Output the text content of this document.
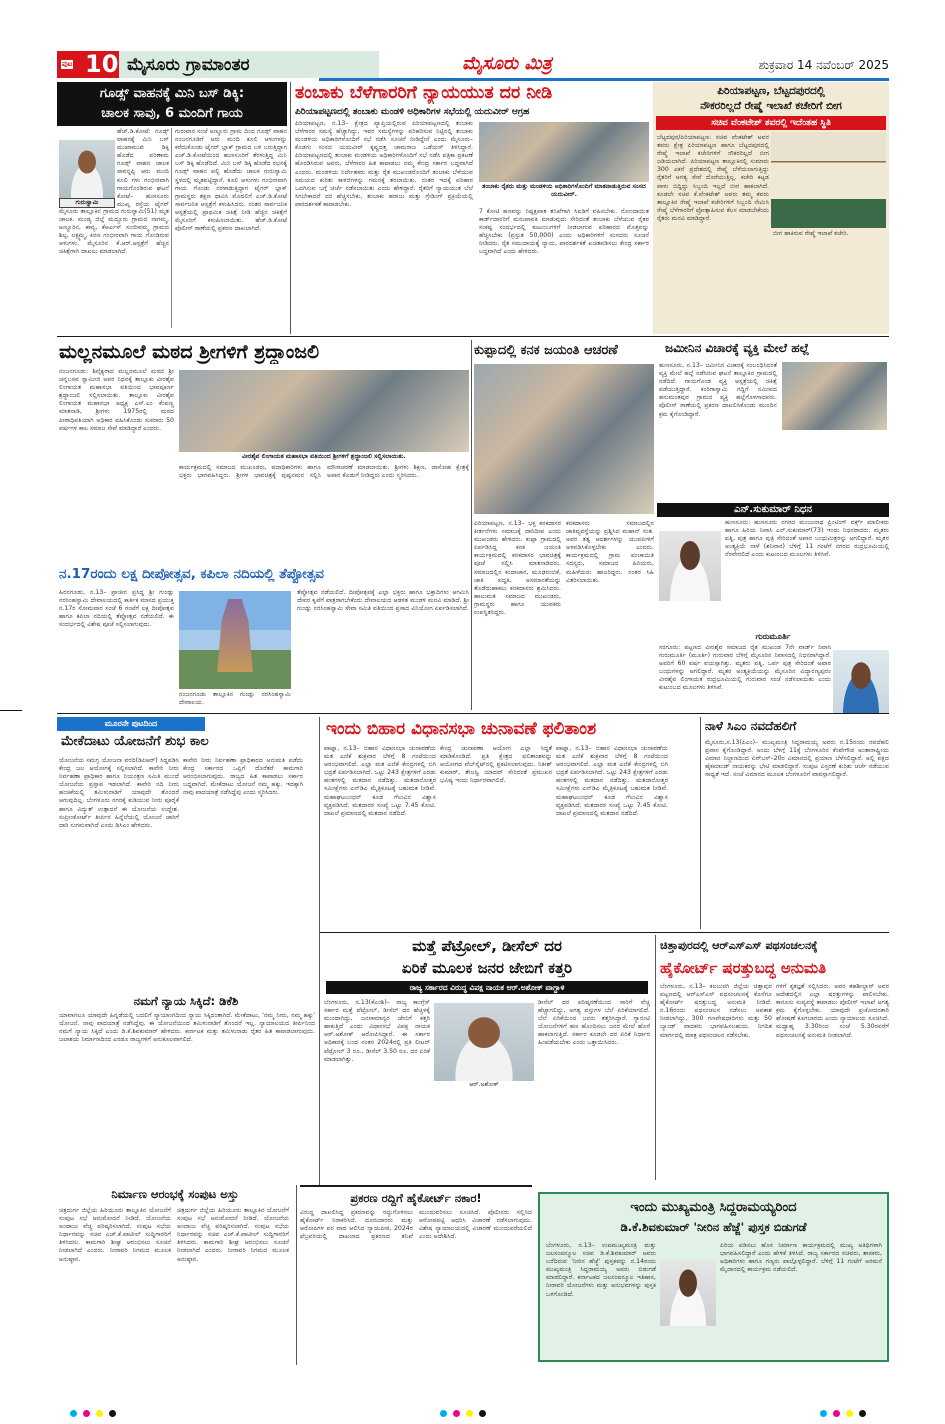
ಪುಟ 10 ಮೈಸೂರು ಗ್ರಾಮಾಂತರ	ಮೈಸೂರು ಮಿತ್ರ	ಶುಕ್ರವಾರ 14 ನವೆಂಬರ್ 2025
ಗೂಡ್ಸ್ ವಾಹನಕ್ಕೆ ಮಿನಿ ಬಸ್ ಡಿಕ್ಕಿ:
ಚಾಲಕ ಸಾವು, 6 ಮಂದಿಗೆ ಗಾಯ
ಗುರುಸ್ವಾಮಿ
ಹೆಚ್.ಡಿ.ಕೋಟೆ: ಗೂಡ್ಸ್ ವಾಹನಕ್ಕೆ ಮಿನಿ ಬಸ್ ಮುಖಾಮುಖಿ ಡಿಕ್ಕಿ ಹೊಡೆದ ಪರಿಣಾಮ ಗೂಡ್ಸ್ ವಾಹನ ಚಾಲಕ ಸಾವನ್ನಪ್ಪಿ ಆರು ಮಂದಿ ಕೂಲಿ ಗಳು ಗಂಭೀರವಾಗಿ ಗಾಯಗೊಂಡಿರುವ ಘಟನೆ ಕೋಟೆ– ಹುಣಸೂರು ಮುಖ್ಯ ರಸ್ತೆಯ ಟೈಗರ್
ಮೈಸೂರು ತಾಲ್ಲೂಕಿನ ಗ್ರಾಮದ ಗುರುಸ್ವಾಮಿ(51) ಮೃತ ಚಾಲಕ. ಮಂಡ್ಯ ಜಿಲ್ಲೆ ಮದ್ದೂರು ಗ್ರಾಮದ ನಾಗಮ್ಮ, ಅಣ್ಣೂರಿನ, ಕಾವ್ಯ, ಕೆಆರ್ಎಸ್ ಸಂಜೀವಮ್ಮ ಗ್ರಾಮದ ಶಿಲ್ಪ, ಲಕ್ಷ್ಮಮ್ಮ, ಕಿರಣ ಗಂಭೀರವಾಗಿ ಗಾಯ ಗೊಂಡಿರುವ ಆಳುಗಳು. ಮೈಸೂರಿನ ಕೆ.ಆರ್.ಆಸ್ಪತ್ರೆಗೆ ಹೆಚ್ಚಿನ ಚಿಕಿತ್ಸೆಗಾಗಿ ದಾಖಲು ಮಾಡಲಾಗಿದೆ.
ಗುರುವಾರ ಸಂಜೆ ಅಣ್ಣೂರು ಗ್ರಾಮ ದಿಂದ ಗೂಡ್ಸ್ ವಾಹನ ನಂಜನಗೂಡಿಗೆ ಆರು ಮಂದಿ ಕೂಲಿ ಆಳುಗಳನ್ನು ಕರೆದುಕೊಂಡು ಟೈಗರ್ ಬ್ಲಾಕ್ ಗ್ರಾಮದ ಬಳಿ ಬರುತ್ತಿದ್ದಾಗ ಎಚ್.ಡಿ.ಕೋಟೆಯಿಂದ ಹುಣಸೂರಿಗೆ ತೆರಳುತ್ತಿದ್ದ ಮಿನಿ ಬಸ್ ಡಿಕ್ಕಿ ಹೊಡೆದಿದೆ. ಮಿನಿ ಬಸ್ ಡಿಕ್ಕಿ ಹೊಡೆದ ರಭಸಕ್ಕೆ ಗೂಡ್ಸ್ ವಾಹನ ಪಲ್ಟಿ ಹೊಡೆದು ಚಾಲಕ ಗುರುಸ್ವಾಮಿ ಸ್ಥಳದಲ್ಲಿ ಮೃತಪಟ್ಟಿದ್ದಾನೆ. ಕೂಲಿ ಆಳುಗಳು ಗಂಭೀರವಾಗಿ ಗಾಯ ಗೊಂಡು ನರಳಾಡುತ್ತಿದ್ದಾಗ ಟೈಗರ್ ಬ್ಲಾಕ್ ಗ್ರಾಮಸ್ಥರು ತಕ್ಷಣ ಧಾವಿಸಿ ಮೊದಲಿಗೆ ಎಚ್.ಡಿ.ಕೋಟೆ ಸಾರ್ವಜನಿಕ ಆಸ್ಪತ್ರೆಗೆ ಕಳುಹಿಸಿದರು. ನಂತರ ಸಾರ್ವಜನಿಕ ಆಸ್ಪತ್ರೆಯಲ್ಲಿ ಪ್ರಾಥಮಿಕ ಚಿಕಿತ್ಸೆ ನೀಡಿ ಹೆಚ್ಚಿನ ಚಿಕಿತ್ಸೆಗೆ ಮೈಸೂರಿಗೆ ಕಳುಹಿಸಲಾಯಿತು. ಹೆಚ್.ಡಿ.ಕೋಟೆ ಪೊಲೀಸ್ ಠಾಣೆಯಲ್ಲಿ ಪ್ರಕರಣ ದಾಖಲಾಗಿದೆ.
ತಂಬಾಕು ಬೆಳೆಗಾರರಿಗೆ ನ್ಯಾಯಯುತ ದರ ನೀಡಿ
ಪಿರಿಯಾಪಟ್ಟಣದಲ್ಲಿ ತಂಬಾಕು ಮಂಡಳಿ ಅಧಿಕಾರಿಗಳ ಸಭೆಯಲ್ಲಿ ಯದುವೀರ್ ಆಗ್ರಹ
ಪಿರಿಯಾಪಟ್ಟಣ, ನ.13– ಕ್ಷೇತ್ರದ ವ್ಯಾಪ್ತಿಯಲ್ಲಿರುವ ಪಿರಿಯಾಪಟ್ಟಣದಲ್ಲಿ ತಂಬಾಕು ಬೆಳೆಗಾರರ ಸಮಸ್ಯೆ ಹೆಚ್ಚಾಗಿದ್ದು, ಇವರ ಸಮಸ್ಯೆಗಳನ್ನು ಪರಿಹರಿಸುವ ನಿಟ್ಟಿನಲ್ಲಿ ತಂಬಾಕು ಮಂಡಳಿಯ ಅಧಿಕಾರಿಗಳೊಂದಿಗೆ ಸಭೆ ನಡೆಸಿ ಸೂಚನೆ ನೀಡಿದ್ದೇನೆ ಎಂದು ಮೈಸೂರು–ಕೊಡಗು ಸಂಸದ ಯದುವೀರ್ ಕೃಷ್ಣದತ್ತ ಚಾಮರಾಜ ಒಡೆಯರ್ ತಿಳಿಸಿದ್ದಾರೆ. ಪಿರಿಯಾಪಟ್ಟಣದಲ್ಲಿ ತಂಬಾಕು ಮಂಡಳಿಯ ಅಧಿಕಾರಿಗಳೊಂದಿಗೆ ಸಭೆ ನಡೆಸಿ ಪತ್ರಿಕಾ ಪ್ರಕಟಣೆ ಹೊರಡಿಸಿರುವ ಅವರು, ಬೆಳೆಗಾರರ ಹಿತ ಕಾಪಾಡಲು ನಮ್ಮ ಕೇಂದ್ರ ಸರ್ಕಾರ ಬದ್ಧವಾಗಿದೆ ಎಂದರು. ಮಂಡಳಿಯ ನಿರ್ದೇಶಕರು ಮತ್ತು ರೈತ ಮುಖಂಡರೊಂದಿಗೆ ತಂಬಾಕು ಬೆಳೆಯುವ ಸಮಯದ ಕುರಿತು ಕಾಳಜಿಗಳನ್ನು ಗಮನಕ್ಕೆ ತರಲಾಯಿತು. ನಂತರ ಇದಕ್ಕೆ ಪರಿಹಾರ ಒದಗಿಸುವ ಬಗ್ಗೆ ಚರ್ಚೆ ನಡೆಸಲಾಯಿತು ಎಂದು ಹೇಳಿದ್ದಾರೆ. ರೈತರಿಗೆ ನ್ಯಾಯಯುತ ಬೆಲೆ ಸಿಗಬೇಕಾದರೆ ದರ ಹೆಚ್ಚಿಸಬೇಕು, ತಂಬಾಕು ಹರಾಜು ಮತ್ತು ಗ್ರೇಡಿಂಗ್ ಪ್ರಕ್ರಿಯೆಯಲ್ಲಿ ಪಾರದರ್ಶಕತೆ ಕಾಪಾಡಬೇಕು.
ತಂಬಾಕು ರೈತರು ಮತ್ತು ಮಂಡಳಿಯ ಅಧಿಕಾರಿಗಳೊಂದಿಗೆ ಮಾತನಾಡುತ್ತಿರುವ ಸಂಸದ ಯದುವೀರ್.
7 ಕೋಟಿ ಹಣವನ್ನು ನಿಷ್ಪಕ್ಷಪಾತ ತನಿಖೆಗಾಗಿ ಸಿಐಡಿಗೆ ವಹಿಸಬೇಕು. ನೋಂದಾಯಿತ ಕಾರ್ಡ್‌ದಾರರಿಗೆ ಮರುಪಾವತಿ ಮಾಡುವುದು ಸೇರಿದಂತೆ ತಂಬಾಕು ಬೆಳೆಯುವ ರೈತರ ಸಂಕಷ್ಟ ಸಂದರ್ಭದಲ್ಲಿ ಕುಟುಂಬಗಳಿಗೆ ನೀಡಲಾಗುವ ಪರಿಹಾರದ ಮೊತ್ತವನ್ನು ಹೆಚ್ಚಿಸಬೇಕು (ಪ್ರಸ್ತುತ 50,000) ಎಂದು ಅಧಿಕಾರಿಗಳಿಗೆ ಸಂಸದರು ಸೂಚನೆ ನೀಡಿದರು. ರೈತ ಸಮುದಾಯಕ್ಕೆ ನ್ಯಾಯ, ಪಾರದರ್ಶಕತೆ ಖಚಿತಪಡಿಸಲು ಕೇಂದ್ರ ಸರ್ಕಾರ ಬದ್ಧವಾಗಿದೆ ಎಂದು ಹೇಳಿದರು.
ಪಿರಿಯಾಪಟ್ಟಣ, ಬೆಟ್ಟದಪುರದಲ್ಲಿ
ನೌಕರರಿಲ್ಲದೆ ರೇಷ್ಮೆ ಇಲಾಖೆ ಕಚೇರಿಗೆ ಬೀಗ
ಸಚಿವ ವೆಂಕಟೇಶ್ ತವರಲ್ಲಿ ಇದೆಂತಹ ಸ್ಥಿತಿ
ಬೆಟ್ಟದಪುರ/ಪಿರಿಯಾಪಟ್ಟಣ: ಸಚಿವ ವೆಂಕಟೇಶ್ ಅವರ ತವರು ಕ್ಷೇತ್ರ ಪಿರಿಯಾಪಟ್ಟಣ ಹಾಗೂ ಬೆಟ್ಟದಪುರದಲ್ಲಿ ರೇಷ್ಮೆ ಇಲಾಖೆ ಕಚೇರಿಗಳಿಗೆ ನೌಕರರಿಲ್ಲದೆ ಬೀಗ ಜಡಿಯಲಾಗಿದೆ. ಪಿರಿಯಾಪಟ್ಟಣ ತಾಲ್ಲೂಕಿನಲ್ಲಿ ಸುಮಾರು 300 ಎಕರೆ ಪ್ರದೇಶದಲ್ಲಿ ರೇಷ್ಮೆ ಬೆಳೆಯಲಾಗುತ್ತಿದ್ದು ರೈತರಿಗೆ ಅಗತ್ಯ ಸೇವೆ ದೊರೆಯುತ್ತಿಲ್ಲ. ಕಚೇರಿ ಕಟ್ಟಡ ಪಾಳು ಬಿದ್ದಿದ್ದು ಸಿಬ್ಬಂದಿ ಇಲ್ಲದೆ ಬೀಗ ಹಾಕಲಾಗಿದೆ. ಕೂಡಲೇ ಸಚಿವ ಕೆ.ವೆಂಕಟೇಶ್ ಅವರು ತಮ್ಮ ತವರು ತಾಲ್ಲೂಕಿನ ರೇಷ್ಮೆ ಇಲಾಖೆ ಕಚೇರಿಗಳಿಗೆ ಸಿಬ್ಬಂದಿ ನೇಮಿಸಿ ರೇಷ್ಮೆ ಬೆಳೆಗಾರರಿಗೆ ಪ್ರೋತ್ಸಾಹಿಸುವ ಕೆಲಸ ಮಾಡಬೇಕೆಂದು ರೈತರು ಮನವಿ ಮಾಡಿದ್ದಾರೆ.
ಬೀಗ ಹಾಕಿರುವ ರೇಷ್ಮೆ ಇಲಾಖೆ ಕಚೇರಿ.
ಮಲ್ಲನಮೂಲೆ ಮಠದ ಶ್ರೀಗಳಿಗೆ ಶ್ರದ್ಧಾಂಜಲಿ
ನಂಜನಗೂಡು: ಶಿವೈಕ್ಯರಾದ ಮಲ್ಲನಮೂಲೆ ಮಠದ ಶ್ರೀ ಚನ್ನಬಸವ ಸ್ವಾಮೀಜಿ ಅವರ ನಿಧನಕ್ಕೆ ತಾಲ್ಲೂಕು ವೀರಶೈವ ಲಿಂಗಾಯತ ಮಹಾಸಭಾ ವತಿಯಿಂದ ಭಾವಪೂರ್ಣ ಶ್ರದ್ಧಾಂಜಲಿ ಸಲ್ಲಿಸಲಾಯಿತು. ತಾಲ್ಲೂಕು ವೀರಶೈವ ಲಿಂಗಾಯತ ಮಹಾಸಭಾ ಅಧ್ಯಕ್ಷ ಎಸ್.ಎಂ ಕೆಂಪಣ್ಣ ಮಾತನಾಡಿ, ಶ್ರೀಗಳು 1975ರಲ್ಲಿ ಮಠದ ಪೀಠಾಧಿಪತಿಯಾಗಿ ಅಧಿಕಾರ ವಹಿಸಿಕೊಂಡು ಸುಮಾರು 50 ವರ್ಷಗಳ ಕಾಲ ಸಮಾಜ ಸೇವೆ ಮಾಡಿದ್ದಾರೆ ಎಂದರು.
ವೀರಶೈವ ಲಿಂಗಾಯತ ಮಹಾಸಭಾ ವತಿಯಿಂದ ಶ್ರೀಗಳಿಗೆ ಶ್ರದ್ಧಾಂಜಲಿ ಸಲ್ಲಿಸಲಾಯಿತು.
ಕಾರ್ಯಕ್ರಮದಲ್ಲಿ ಸಮಾಜದ ಮುಖಂಡರು, ಪದಾಧಿಕಾರಿಗಳು ಹಾಗೂ ಭಕ್ತರು ಭಾಗವಹಿಸಿದ್ದರು. ಶ್ರೀಗಳ ಭಾವಚಿತ್ರಕ್ಕೆ ಪುಷ್ಪನಮನ ಸಲ್ಲಿಸಿ ಮೌನಾಚರಣೆ ಮಾಡಲಾಯಿತು. ಶ್ರೀಗಳು ಶಿಕ್ಷಣ, ದಾಸೋಹ ಕ್ಷೇತ್ರಕ್ಕೆ ಅಪಾರ ಕೊಡುಗೆ ನೀಡಿದ್ದರು ಎಂದು ಸ್ಮರಿಸಿದರು.
ಕುಪ್ಪಾದಲ್ಲಿ ಕನಕ ಜಯಂತಿ ಆಚರಣೆ
ಪಿರಿಯಾಪಟ್ಟಣ, ನ.13– ಭಕ್ತ ಕನಕದಾಸರ ಕೀರ್ತನೆಗಳು ಸಮಾಜಕ್ಕೆ ದಾರಿದೀಪ ಎಂದು ಮುಖಂಡರು ಹೇಳಿದರು. ಕುಪ್ಪಾ ಗ್ರಾಮದಲ್ಲಿ ಏರ್ಪಡಿಸಿದ್ದ ಕನಕ ಜಯಂತಿ ಕಾರ್ಯಕ್ರಮದಲ್ಲಿ ಕನಕದಾಸರ ಭಾವಚಿತ್ರಕ್ಕೆ ಪೂಜೆ ಸಲ್ಲಿಸಿ ಮಾತನಾಡಿದರು. ಸಮಾಜದಲ್ಲಿನ ಕಂದಾಚಾರ, ಮೂಢನಂಬಿಕೆ, ಜಾತಿ ಪದ್ಧತಿ, ಅಸಮಾನತೆಯನ್ನು ತೊಡೆದುಹಾಕಲು ಕನಕದಾಸರು ಶ್ರಮಿಸಿದರು. ಹಾಲುಮತ ಸಮಾಜದ ಮುಖಂಡರು, ಗ್ರಾಮಸ್ಥರು ಹಾಗೂ ಯುವಕರು ಉಪಸ್ಥಿತರಿದ್ದರು.
ಕನಕದಾಸರು ಸಮಾಜದಲ್ಲಿನ ಜಾತಿವ್ಯವಸ್ಥೆಯನ್ನು ಪ್ರಶ್ನಿಸಿದ ಮಹಾನ್ ಸಂತ. ಅವರ ತತ್ವ ಆದರ್ಶಗಳನ್ನು ಯುವಪೀಳಿಗೆ ಅಳವಡಿಸಿಕೊಳ್ಳಬೇಕು ಎಂದರು. ಕಾರ್ಯಕ್ರಮದಲ್ಲಿ ಗ್ರಾಮ ಪಂಚಾಯಿತಿ ಸದಸ್ಯರು, ಸಮಾಜದ ಹಿರಿಯರು, ಮಹಿಳೆಯರು ಹಾಜರಿದ್ದರು. ನಂತರ ಸಿಹಿ ವಿತರಿಸಲಾಯಿತು.
ಜಮೀನಿನ ವಿಚಾರಕ್ಕೆ ವ್ಯಕ್ತಿ ಮೇಲೆ ಹಲ್ಲೆ
ಹುಣಸೂರು, ನ.13– ಜಮೀನಿನ ವಿಚಾರಕ್ಕೆ ಸಂಬಂಧಿಸಿದಂತೆ ವ್ಯಕ್ತಿ ಮೇಲೆ ಹಲ್ಲೆ ನಡೆಸಿರುವ ಘಟನೆ ತಾಲ್ಲೂಕಿನ ಗ್ರಾಮದಲ್ಲಿ ನಡೆದಿದೆ. ಗಾಯಗೊಂಡ ವ್ಯಕ್ತಿ ಆಸ್ಪತ್ರೆಯಲ್ಲಿ ಚಿಕಿತ್ಸೆ ಪಡೆಯುತ್ತಿದ್ದಾರೆ. ಕಂಠಿಗಾಸ್ವಾಮಿ ಗದ್ದಿಗೆ ನಮೀಪದ ಹನುಮಂತಪುರ ಗ್ರಾಮದ ವ್ಯಕ್ತಿ ಹಲ್ಲೆಗೊಳಗಾದವರು. ಪೊಲೀಸ್ ಠಾಣೆಯಲ್ಲಿ ಪ್ರಕರಣ ದಾಖಲಿಸಿಕೊಂಡು ಮುಂದಿನ ಕ್ರಮ ಕೈಗೊಂಡಿದ್ದಾರೆ.
ಎನ್.ಸುಕುಮಾರ್ ನಿಧನ
ಹುಣಸೂರು: ಹುಣಸೂರು ನಗರದ ಮಂಜುನಾಥ ಪ್ರಿಂಟಿಂಗ್ ವರ್ಕ್ಸ್ ಮಾಲೀಕರು ಹಾಗೂ ಹಿರಿಯ ನಿವಾಸಿ ಎನ್.ಸುಕುಮಾರ್(73) ಇಂದು ನಿಧನರಾದರು. ಮೃತರು ಪತ್ನಿ, ಪುತ್ರ ಹಾಗೂ ಪುತ್ರಿ ಸೇರಿದಂತೆ ಅಪಾರ ಬಂಧುಮಿತ್ರರನ್ನು ಅಗಲಿದ್ದಾರೆ. ಮೃತರ ಅಂತ್ಯಕ್ರಿಯೆ ನಾಳೆ (ಶನಿವಾರ) ಬೆಳಿಗ್ಗೆ 11 ಗಂಟೆಗೆ ನಗರದ ರುದ್ರಭೂಮಿಯಲ್ಲಿ ನೆರವೇರಲಿದೆ ಎಂದು ಕುಟುಂಬದ ಮೂಲಗಳು ತಿಳಿಸಿವೆ.
ಗುರುಮೂರ್ತಿ
ಸರಗೂರು: ಪಟ್ಟಣದ ವೀರಶೈವ ಸಮಾಜದ ರೈತ ಮುಖಂಡ 7ನೇ ವಾರ್ಡ್ ನಿವಾಸಿ ಗುರುಮೂರ್ತಿ (ಮೂರ್ತಿ) ಗುರುವಾರ ಬೆಳಿಗ್ಗೆ ಮೈಸೂರಿನ ನಿವಾಸದಲ್ಲಿ ನಿಧನರಾಗಿದ್ದಾರೆ. ಅವರಿಗೆ 60 ವರ್ಷ ವಯಸ್ಸಾಗಿತ್ತು. ಮೃತರು ಪತ್ನಿ, ಒರ್ವ ಪುತ್ರ ಸೇರಿದಂತೆ ಅಪಾರ ಬಂಧುಗಳನ್ನು ಅಗಲಿದ್ದಾರೆ. ಮೃತರ ಅಂತ್ಯಕ್ರಿಯೆಯನ್ನು ಮೈಸೂರಿನ ವಿದ್ಯಾರಣ್ಯಪುರಂ ವೀರಶೈವ ಲಿಂಗಾಯತ ರುದ್ರಭೂಮಿಯಲ್ಲಿ ಗುರುವಾರ ಸಂಜೆ ನಡೆಸಲಾಯಿತು ಎಂದು ಕುಟುಂಬದ ಮೂಲಗಳು ತಿಳಿಸಿವೆ.
ನ.17ರಂದು ಲಕ್ಷ ದೀಪೋತ್ಸವ, ಕಪಿಲಾ ನದಿಯಲ್ಲಿ ತೆಪ್ಪೋತ್ಸವ
ಹಿರನಗೂಡು, ನ.13– ಪ್ರಾಚೀನ ಪ್ರಸಿದ್ಧ ಶ್ರೀ ಗುಂಡ್ಲು ನರಸಿಂಹಸ್ವಾಮಿ ದೇವಾಲಯದಲ್ಲಿ ಕಾರ್ತಿಕ ಮಾಸದ ಪ್ರಯುಕ್ತ ನ.17ರ ಸೋಮವಾರ ಸಂಜೆ 6 ಗಂಟೆಗೆ ಲಕ್ಷ ದೀಪೋತ್ಸವ ಹಾಗೂ ಕಪಿಲಾ ನದಿಯಲ್ಲಿ ತೆಪ್ಪೋತ್ಸವ ನಡೆಯಲಿದೆ. ಈ ಸಂದರ್ಭದಲ್ಲಿ ವಿಶೇಷ ಪೂಜೆ ಸಲ್ಲಿಸಲಾಗುವುದು.
ನಂಜನಗೂಡು ತಾಲ್ಲೂಕಿನ ಗುಂಡ್ಲು ನರಸಿಂಹಸ್ವಾಮಿ ದೇವಾಲಯ.
ತೆಪ್ಪೋತ್ಸವ ನಡೆಯಲಿದೆ. ದೀಪೋತ್ಸವಕ್ಕೆ ಎಲ್ಲಾ ಭಕ್ತರು ಹಾಗೂ ಭಕ್ತಾದಿಗಳು ಆಗಮಿಸಿ ದೇವರ ಕೃಪೆಗೆ ಪಾತ್ರರಾಗಬೇಕೆಂದು ದೇವಾಲಯದ ಆಡಳಿತ ಮಂಡಳಿ ಮನವಿ ಮಾಡಿದೆ. ಶ್ರೀ ಗುಂಡ್ಲು ನರಸಿಂಹಸ್ವಾಮಿ ಸೇವಾ ಸಮಿತಿ ವತಿಯಿಂದ ಪ್ರಸಾದ ವಿನಿಯೋಗ ಏರ್ಪಡಿಸಲಾಗಿದೆ.
ಮೂರನೇ ಪುಟದಿಂದ
ಮೇಕೆದಾಟು ಯೋಜನೆಗೆ ಶುಭ ಕಾಲ
ಯೋಜನೆಯ ಸಮಗ್ರ ಯೋಜನಾ ವರದಿ(ಡಿಪಿಆರ್) ಸಿದ್ಧಪಡಿಸಿ ಕೇಂದ್ರ ಜಲ ಆಯೋಗಕ್ಕೆ ಸಲ್ಲಿಸಲಾಗಿದೆ. ಕಾವೇರಿ ನೀರು ನಿರ್ವಹಣಾ ಪ್ರಾಧಿಕಾರ ಹಾಗೂ ನಿಯಂತ್ರಣ ಸಮಿತಿ ಮುಂದೆ ಯೋಜನೆಯ ಪ್ರಸ್ತಾಪ ಇಡಲಾಗಿದೆ. ಕಾವೇರಿ ನದಿ ನೀರು ಹಂಚಿಕೆಯಲ್ಲಿ ತಮಿಳುನಾಡಿಗೆ ಯಾವುದೇ ತೊಂದರೆ ಆಗುವುದಿಲ್ಲ. ಬೆಂಗಳೂರು ನಗರಕ್ಕೆ ಕುಡಿಯುವ ನೀರು ಪೂರೈಕೆ ಹಾಗೂ ವಿದ್ಯುತ್ ಉತ್ಪಾದನೆ ಈ ಯೋಜನೆಯ ಉದ್ದೇಶ. ಸುಪ್ರೀಂಕೋರ್ಟ್ ತೀರ್ಪಿನ ಹಿನ್ನೆಲೆಯಲ್ಲಿ ಯೋಜನೆ ಜಾರಿಗೆ ದಾರಿ ಸುಗಮವಾಗಿದೆ ಎಂದು ಡಿಸಿಎಂ ಹೇಳಿದರು.
ಕಾವೇರಿ ನೀರು ನಿರ್ವಹಣಾ ಪ್ರಾಧಿಕಾರದ ಅನುಮತಿ ಪಡೆದು ಕೇಂದ್ರ ಸರ್ಕಾರದ ಒಪ್ಪಿಗೆ ದೊರೆತರೆ ಕಾಮಗಾರಿ ಆರಂಭಿಸಲಾಗುವುದು. ರಾಜ್ಯದ ಹಿತ ಕಾಪಾಡಲು ಸರ್ಕಾರ ಬದ್ಧವಾಗಿದೆ. ಮೇಕೆದಾಟು ಯೋಜನೆ ನಮ್ಮ ಹಕ್ಕು. ಇದಕ್ಕಾಗಿ ನಾವು ಪಾದಯಾತ್ರೆ ನಡೆಸಿದ್ದೆವು ಎಂದು ಸ್ಮರಿಸಿದರು.
ಇಂದು ಬಿಹಾರ ವಿಧಾನಸಭಾ ಚುನಾವಣೆ ಫಲಿತಾಂಶ
ಪಾಟ್ನಾ, ನ.13– ಬಿಹಾರ ವಿಧಾನಸಭಾ ಚುನಾವಣೆಯ ಮತ ಎಣಿಕೆ ಶುಕ್ರವಾರ ಬೆಳಿಗ್ಗೆ 8 ಗಂಟೆಯಿಂದ ಆರಂಭವಾಗಲಿದೆ. ಎಲ್ಲಾ ಮತ ಎಣಿಕೆ ಕೇಂದ್ರಗಳಲ್ಲಿ ಬಿಗಿ ಭದ್ರತೆ ಏರ್ಪಡಿಸಲಾಗಿದೆ. ಒಟ್ಟು 243 ಕ್ಷೇತ್ರಗಳಿಗೆ ಎರಡು ಹಂತಗಳಲ್ಲಿ ಮತದಾನ ನಡೆದಿತ್ತು. ಮತದಾನೋತ್ತರ ಸಮೀಕ್ಷೆಗಳು ಎನ್‌ಡಿಎ ಮೈತ್ರಿಕೂಟಕ್ಕೆ ಬಹುಮತ ನೀಡಿವೆ. ಮಹಾಘಟಬಂಧನ್ ಕೂಡ ಗೆಲುವಿನ ವಿಶ್ವಾಸ ವ್ಯಕ್ತಪಡಿಸಿದೆ. ಮತದಾರರ ಸಂಖ್ಯೆ ಒಟ್ಟು 7.45 ಕೋಟಿ. ದಾಖಲೆ ಪ್ರಮಾಣದಲ್ಲಿ ಮತದಾನ ನಡೆದಿದೆ.
ಕೇಂದ್ರ ಚುನಾವಣಾ ಆಯೋಗ ಎಲ್ಲಾ ಸಿದ್ಧತೆ ಮಾಡಿಕೊಂಡಿದೆ. ಪ್ರತಿ ಕ್ಷೇತ್ರದ ಫಲಿತಾಂಶವನ್ನು ಆಯೋಗದ ವೆಬ್‌ಸೈಟ್‌ನಲ್ಲಿ ಪ್ರಕಟಿಸಲಾಗುವುದು. ನಿತೀಶ್ ಕುಮಾರ್, ತೇಜಸ್ವಿ ಯಾದವ್ ಸೇರಿದಂತೆ ಪ್ರಮುಖರ ಭವಿಷ್ಯ ಇಂದು ನಿರ್ಧಾರವಾಗಲಿದೆ.
ಪಾಟ್ನಾ, ನ.13– ಬಿಹಾರ ವಿಧಾನಸಭಾ ಚುನಾವಣೆಯ ಮತ ಎಣಿಕೆ ಶುಕ್ರವಾರ ಬೆಳಿಗ್ಗೆ 8 ಗಂಟೆಯಿಂದ ಆರಂಭವಾಗಲಿದೆ. ಎಲ್ಲಾ ಮತ ಎಣಿಕೆ ಕೇಂದ್ರಗಳಲ್ಲಿ ಬಿಗಿ ಭದ್ರತೆ ಏರ್ಪಡಿಸಲಾಗಿದೆ. ಒಟ್ಟು 243 ಕ್ಷೇತ್ರಗಳಿಗೆ ಎರಡು ಹಂತಗಳಲ್ಲಿ ಮತದಾನ ನಡೆದಿತ್ತು. ಮತದಾನೋತ್ತರ ಸಮೀಕ್ಷೆಗಳು ಎನ್‌ಡಿಎ ಮೈತ್ರಿಕೂಟಕ್ಕೆ ಬಹುಮತ ನೀಡಿವೆ. ಮಹಾಘಟಬಂಧನ್ ಕೂಡ ಗೆಲುವಿನ ವಿಶ್ವಾಸ ವ್ಯಕ್ತಪಡಿಸಿದೆ. ಮತದಾರರ ಸಂಖ್ಯೆ ಒಟ್ಟು 7.45 ಕೋಟಿ. ದಾಖಲೆ ಪ್ರಮಾಣದಲ್ಲಿ ಮತದಾನ ನಡೆದಿದೆ.
ನಾಳೆ ಸಿಎಂ ನವದೆಹಲಿಗೆ
ಮೈಸೂರು,ನ.13(ಪಿಎಂ)– ಮುಖ್ಯಮಂತ್ರಿ ಸಿದ್ದರಾಮಯ್ಯ ಅವರು ನ.15ರಂದು ನವದೆಹಲಿ ಪ್ರವಾಸ ಕೈಗೊಂಡಿದ್ದಾರೆ. ಅಂದು ಬೆಳಿಗ್ಗೆ 11ಕ್ಕೆ ಬೆಂಗಳೂರಿನ ಕೆಂಪೇಗೌಡ ಅಂತಾರಾಷ್ಟ್ರೀಯ ವಿಮಾನ ನಿಲ್ದಾಣದಿಂದ ಏರ್‌ಬಸ್–20ರ ವಿಮಾನದಲ್ಲಿ ಪ್ರಯಾಣ ಬೆಳೆಸಲಿದ್ದಾರೆ. ಅಲ್ಲಿ ಪಕ್ಷದ ಹೈಕಮಾಂಡ್ ನಾಯಕರನ್ನು ಭೇಟಿ ಮಾಡಲಿದ್ದಾರೆ. ಸಂಪುಟ ವಿಸ್ತರಣೆ ಕುರಿತು ಚರ್ಚೆ ನಡೆಯುವ ಸಾಧ್ಯತೆ ಇದೆ. ಸಂಜೆ ವಿಮಾನದ ಮೂಲಕ ಬೆಂಗಳೂರಿಗೆ ವಾಪಸ್ಸಾಗಲಿದ್ದಾರೆ.
ನಮಗೆ ನ್ಯಾಯ ಸಿಕ್ಕಿದೆ: ಡಿಕೆಶಿ
ಯಾವಾಗಲೂ ಯಾವುದೇ ಹಿನ್ನಡೆಯಲ್ಲಿ ಬದಲಿಗೆ ನ್ಯಾಯಾಂಗದಿಂದ ನ್ಯಾಯ ಸಿಕ್ಕಿದಂತಾಗಿದೆ. ಮೇಕೆದಾಟು, 'ನಮ್ಮ ನೀರು, ನಮ್ಮ ಹಕ್ಕು' ಯೋಜನೆ. ನಾವು ಪಾದಯಾತ್ರೆ ನಡೆಸಿದ್ದೆವು. ಈ ಯೋಜನೆಯಿಂದ ತಮಿಳುನಾಡಿಗೆ ತೊಂದರೆ ಇಲ್ಲ. ನ್ಯಾಯಾಲಯದ ತೀರ್ಪಿನಿಂದ ನಮಗೆ ನ್ಯಾಯ ಸಿಕ್ಕಿದೆ ಎಂದು ಡಿ.ಕೆ.ಶಿವಕುಮಾರ್ ಹೇಳಿದರು. ಕರ್ನಾಟಕ ಮತ್ತು ತಮಿಳುನಾಡು ರೈತರ ಹಿತ ಕಾಪಾಡಲಾಗುವುದು. ಜಲಾಶಯ ನಿರ್ಮಾಣದಿಂದ ಎರಡೂ ರಾಜ್ಯಗಳಿಗೆ ಅನುಕೂಲವಾಗಲಿದೆ.
ಮತ್ತೆ ಪೆಟ್ರೋಲ್, ಡೀಸೆಲ್ ದರ
ಏರಿಕೆ ಮೂಲಕ ಜನರ ಜೇಬಿಗೆ ಕತ್ತರಿ
ರಾಜ್ಯ ಸರ್ಕಾರದ ವಿರುದ್ಧ ವಿಪಕ್ಷ ನಾಯಕ ಆರ್.ಅಶೋಕ್ ವಾಗ್ದಾಳಿ
ಬೆಂಗಳೂರು, ನ.13(ಕೆಎಂಶಿ)– ರಾಜ್ಯ ಕಾಂಗ್ರೆಸ್ ಸರ್ಕಾರ ಮತ್ತೆ ಪೆಟ್ರೋಲ್, ಡೀಸೆಲ್ ದರ ಹೆಚ್ಚಳಕ್ಕೆ ಮುಂದಾಗಿದ್ದು, ಜನಸಾಮಾನ್ಯರ ಜೇಬಿಗೆ ಕತ್ತರಿ ಹಾಕುತ್ತಿದೆ ಎಂದು ವಿಧಾನಸಭೆ ವಿಪಕ್ಷ ನಾಯಕ ಆರ್.ಅಶೋಕ್ ಆರೋಪಿಸಿದ್ದಾರೆ. ಈ ಸರ್ಕಾರ ಅಧಿಕಾರಕ್ಕೆ ಬಂದ ನಂತರ 2024ರಲ್ಲಿ ಪ್ರತಿ ಲೀಟರ್ ಪೆಟ್ರೋಲ್ 3 ರೂ., ಡೀಸೆಲ್ 3.50 ರೂ. ದರ ಏರಿಕೆ ಮಾಡಲಾಗಿತ್ತು.
ಡೀಸೆಲ್ ದರ ಪರಿಷ್ಕರಣೆಯಿಂದ ಸಾರಿಗೆ ವೆಚ್ಚ ಹೆಚ್ಚಾಗಲಿದ್ದು, ಅಗತ್ಯ ವಸ್ತುಗಳ ಬೆಲೆ ಏರಿಕೆಯಾಗಲಿದೆ. ಬೆಲೆ ಏರಿಕೆಯಿಂದ ಜನರು ತತ್ತರಿಸಿದ್ದಾರೆ. ಗ್ಯಾರಂಟಿ ಯೋಜನೆಗಳಿಗೆ ಹಣ ಹೊಂದಿಸಲು ಜನರ ಮೇಲೆ ಹೊರೆ ಹಾಕಲಾಗುತ್ತಿದೆ. ಸರ್ಕಾರ ಕೂಡಲೇ ದರ ಏರಿಕೆ ನಿರ್ಧಾರ ಹಿಂಪಡೆಯಬೇಕು ಎಂದು ಒತ್ತಾಯಿಸಿದರು.
ಆರ್.ಅಶೋಕ್
ಚಿತ್ತಾಪುರದಲ್ಲಿ ಆರ್‌ಎಸ್‌ಎಸ್ ಪಥಸಂಚಲನಕ್ಕೆ
ಹೈಕೋರ್ಟ್ ಷರತ್ತುಬದ್ಧ ಅನುಮತಿ
ಬೆಂಗಳೂರು, ನ.13– ಕಲಬುರಗಿ ಜಿಲ್ಲೆಯ ಚಿತ್ತಾಪುರ ಪಟ್ಟಣದಲ್ಲಿ ಆರ್‌ಎಸ್‌ಎಸ್ ಪಥಸಂಚಲನಕ್ಕೆ ಕೊನೆಗೂ ಹೈಕೋರ್ಟ್ ಷರತ್ತುಬದ್ಧ ಅನುಮತಿ ನೀಡಿದೆ. ನ.16ರಂದು ಪಥಸಂಚಲನ ನಡೆಸಲು ಅವಕಾಶ ನೀಡಲಾಗಿದ್ದು, 300 ಗಣವೇಷಧಾರಿಗಳು ಮತ್ತು 50 ಬ್ಯಾಂಡ್ ವಾದಕರು ಭಾಗವಹಿಸಬಹುದು. ನಿಗದಿತ ಮಾರ್ಗದಲ್ಲಿ ಮಾತ್ರ ಪಥಸಂಚಲನ ನಡೆಸಬೇಕು.
ಗಳಿಗೆ ಕೃತಜ್ಞತೆ ಸಲ್ಲಿಸಿದರು. ಅವರ ತಹಶೀಲ್ದಾರ್ ಅವರ ಆದೇಶದಲ್ಲಿನ ಎಲ್ಲಾ ಷರತ್ತುಗಳನ್ನು ಪಾಲಿಸಬೇಕು. ಕಾನೂನು ಸುವ್ಯವಸ್ಥೆ ಕಾಪಾಡಲು ಪೊಲೀಸ್ ಇಲಾಖೆ ಅಗತ್ಯ ಕ್ರಮ ಕೈಗೊಳ್ಳಬೇಕು. ಯಾವುದೇ ಪ್ರಚೋದನಕಾರಿ ಘೋಷಣೆ ಕೂಗಬಾರದು ಎಂದು ನ್ಯಾಯಾಲಯ ಸೂಚಿಸಿದೆ. ಮಧ್ಯಾಹ್ನ 3.30ರಿಂದ ಸಂಜೆ 5.30ರವರೆಗೆ ಪಥಸಂಚಲನಕ್ಕೆ ಅನುಮತಿ ನೀಡಲಾಗಿದೆ.
ನಿರ್ಮಾಣ ಆರಂಭಕ್ಕೆ ಸಂಪುಟ ಅಸ್ತು
ಚಿತ್ರದುರ್ಗ ಜಿಲ್ಲೆಯ ಹಿರಿಯೂರು ತಾಲ್ಲೂಕಿನ ಯೋಜನೆಗೆ ಸಂಪುಟ ಸಭೆ ಅನುಮೋದನೆ ನೀಡಿದೆ. ಯೋಜನೆಯ ಅಂದಾಜು ವೆಚ್ಚ ಪರಿಷ್ಕರಿಸಲಾಗಿದೆ. ಸಂಪುಟ ಸಭೆಯ ನಿರ್ಧಾರವನ್ನು ಸಚಿವ ಎಚ್.ಕೆ.ಪಾಟೀಲ್ ಸುದ್ದಿಗಾರರಿಗೆ ತಿಳಿಸಿದರು. ಕಾಮಗಾರಿ ಶೀಘ್ರ ಆರಂಭಿಸಲು ಸೂಚನೆ ನೀಡಲಾಗಿದೆ ಎಂದರು. ನೀರಾವರಿ ನಿಗಮದ ಮೂಲಕ ಅನುಷ್ಠಾನ.
ಚಿತ್ರದುರ್ಗ ಜಿಲ್ಲೆಯ ಹಿರಿಯೂರು ತಾಲ್ಲೂಕಿನ ಯೋಜನೆಗೆ ಸಂಪುಟ ಸಭೆ ಅನುಮೋದನೆ ನೀಡಿದೆ. ಯೋಜನೆಯ ಅಂದಾಜು ವೆಚ್ಚ ಪರಿಷ್ಕರಿಸಲಾಗಿದೆ. ಸಂಪುಟ ಸಭೆಯ ನಿರ್ಧಾರವನ್ನು ಸಚಿವ ಎಚ್.ಕೆ.ಪಾಟೀಲ್ ಸುದ್ದಿಗಾರರಿಗೆ ತಿಳಿಸಿದರು. ಕಾಮಗಾರಿ ಶೀಘ್ರ ಆರಂಭಿಸಲು ಸೂಚನೆ ನೀಡಲಾಗಿದೆ ಎಂದರು. ನೀರಾವರಿ ನಿಗಮದ ಮೂಲಕ ಅನುಷ್ಠಾನ.
ಪ್ರಕರಣ ರದ್ದಿಗೆ ಹೈಕೋರ್ಟ್ ನಕಾರ!
ವಿರುದ್ಧ ದಾಖಲಿಸಿದ್ದ ಪ್ರಕರಣವನ್ನು ರದ್ದುಗೊಳಿಸಲು ಹೈಕೋರ್ಟ್ ನಿರಾಕರಿಸಿದೆ. ದೂರುದಾರರು ಮತ್ತು ಆರೋಪಿಗಳ ಪರ ವಾದ ಆಲಿಸಿದ ನ್ಯಾಯಪೀಠ, 2024ರ ಫೆಬ್ರವರಿಯಲ್ಲಿ ದಾಖಲಾದ ಪ್ರಕರಣದ ತನಿಖೆ ಮುಂದುವರಿಸಲು ಸೂಚಿಸಿದೆ. ಪೊಲೀಸರು ಸಲ್ಲಿಸಿದ ಆರೋಪಪಟ್ಟಿ ಆಧರಿಸಿ ವಿಚಾರಣೆ ನಡೆಸಲಾಗುವುದು. ವಿಶೇಷ ನ್ಯಾಯಾಲಯದಲ್ಲಿ ವಿಚಾರಣೆ ಮುಂದುವರೆಯಲಿದೆ ಎಂದು ಆದೇಶಿಸಿದೆ.
ಇಂದು ಮುಖ್ಯಮಂತ್ರಿ ಸಿದ್ದರಾಮಯ್ಯರಿಂದ
ಡಿ.ಕೆ.ಶಿವಕುಮಾರ್ 'ನೀರಿನ ಹೆಜ್ಜೆ' ಪುಸ್ತಕ ಬಿಡುಗಡೆ
ಬೆಂಗಳೂರು, ನ.13– ಉಪಮುಖ್ಯಮಂತ್ರಿ ಮತ್ತು ಜಲಸಂಪನ್ಮೂಲ ಸಚಿವ ಡಿ.ಕೆ.ಶಿವಕುಮಾರ್ ಅವರು ಬರೆದಿರುವ 'ನೀರಿನ ಹೆಜ್ಜೆ' ಪುಸ್ತಕವನ್ನು ನ.14ರಂದು ಮುಖ್ಯಮಂತ್ರಿ ಸಿದ್ದರಾಮಯ್ಯ ಅವರು ಬಿಡುಗಡೆ ಮಾಡಲಿದ್ದಾರೆ. ಕರ್ನಾಟಕದ ಜಲಸಂಪನ್ಮೂಲ ಇತಿಹಾಸ, ನೀರಾವರಿ ಯೋಜನೆಗಳು ಮತ್ತು ಅನುಭವಗಳನ್ನು ಪುಸ್ತಕ ಒಳಗೊಂಡಿದೆ.
ಪಿರಿಯ ಪಡಿಸಲು ಹೊಸ ನಿರ್ಮಾಣ ಕಾರ್ಯಕ್ರಮದಲ್ಲಿ ಮುಖ್ಯ ಅತಿಥಿಗಳಾಗಿ ಭಾಗವಹಿಸಲಿದ್ದಾರೆ ಎಂದು ಹೇಳಿಕೆ ತಿಳಿಸಿದೆ. ರಾಜ್ಯ ಸರ್ಕಾರದ ಸಚಿವರು, ಶಾಸಕರು, ಅಧಿಕಾರಿಗಳು ಹಾಗೂ ಗಣ್ಯರು ಪಾಲ್ಗೊಳ್ಳಲಿದ್ದಾರೆ. ಬೆಳಿಗ್ಗೆ 11 ಗಂಟೆಗೆ ಅರಮನೆ ಮೈದಾನದಲ್ಲಿ ಕಾರ್ಯಕ್ರಮ ನಡೆಯಲಿದೆ.
